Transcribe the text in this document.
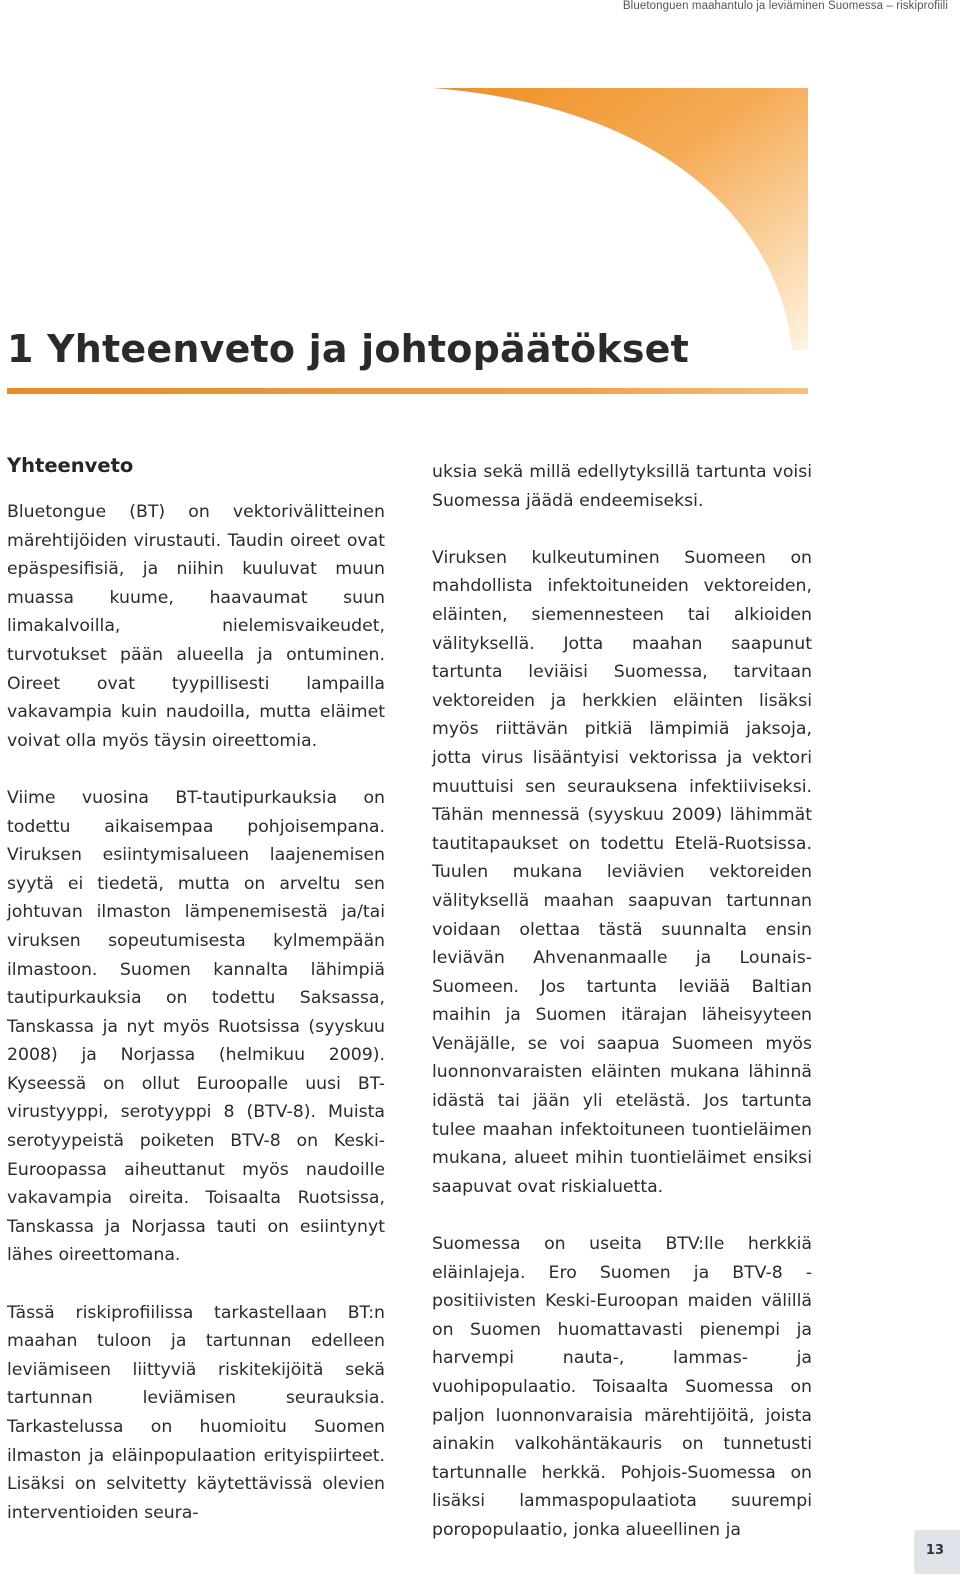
Bluetonguen maahantulo ja leviäminen Suomessa – riskiprofiili
1 Yhteenveto ja johtopäätökset
Yhteenveto

Bluetongue (BT) on vektorivälitteinen märehtijöiden virustauti. Taudin oireet ovat epäspesifisiä, ja niihin kuuluvat muun muassa kuume, haavaumat suun limakalvoilla, nielemisvaikeudet, turvotukset pään alueella ja ontuminen. Oireet ovat tyypillisesti lampailla vakavampia kuin naudoilla, mutta eläimet voivat olla myös täysin oireettomia.

Viime vuosina BT-tautipurkauksia on todettu aikaisempaa pohjoisempana. Viruksen esiintymisalueen laajenemisen syytä ei tiedetä, mutta on arveltu sen johtuvan ilmaston lämpenemisestä ja/tai viruksen sopeutumisesta kylmempään ilmastoon. Suomen kannalta lähimpiä tautipurkauksia on todettu Saksassa, Tanskassa ja nyt myös Ruotsissa (syyskuu 2008) ja Norjassa (helmikuu 2009). Kyseessä on ollut Euroopalle uusi BT-virustyyppi, serotyyppi 8 (BTV-8). Muista serotyypeistä poiketen BTV-8 on Keski-Euroopassa aiheuttanut myös naudoille vakavampia oireita. Toisaalta Ruotsissa, Tanskassa ja Norjassa tauti on esiintynyt lähes oireettomana.

Tässä riskiprofiilissa tarkastellaan BT:n maahan tuloon ja tartunnan edelleen leviämiseen liittyviä riskitekijöitä sekä tartunnan leviämisen seurauksia. Tarkastelussa on huomioitu Suomen ilmaston ja eläinpopulaation erityispiirteet. Lisäksi on selvitetty käytettävissä olevien interventioiden seura-

uksia sekä millä edellytyksillä tartunta voisi Suomessa jäädä endeemiseksi.

Viruksen kulkeutuminen Suomeen on mahdollista infektoituneiden vektoreiden, eläinten, siemennesteen tai alkioiden välityksellä. Jotta maahan saapunut tartunta leviäisi Suomessa, tarvitaan vektoreiden ja herkkien eläinten lisäksi myös riittävän pitkiä lämpimiä jaksoja, jotta virus lisääntyisi vektorissa ja vektori muuttuisi sen seurauksena infektiiviseksi. Tähän mennessä (syyskuu 2009) lähimmät tautitapaukset on todettu Etelä-Ruotsissa. Tuulen mukana leviävien vektoreiden välityksellä maahan saapuvan tartunnan voidaan olettaa tästä suunnalta ensin leviävän Ahvenanmaalle ja Lounais-Suomeen. Jos tartunta leviää Baltian maihin ja Suomen itärajan läheisyyteen Venäjälle, se voi saapua Suomeen myös luonnonvaraisten eläinten mukana lähinnä idästä tai jään yli etelästä. Jos tartunta tulee maahan infektoituneen tuontieläimen mukana, alueet mihin tuontieläimet ensiksi saapuvat ovat riskialuetta.

Suomessa on useita BTV:lle herkkiä eläinlajeja. Ero Suomen ja BTV-8 -positiivisten Keski-Euroopan maiden välillä on Suomen huomattavasti pienempi ja harvempi nauta-, lammas- ja vuohipopulaatio. Toisaalta Suomessa on paljon luonnonvaraisia märehtijöitä, joista ainakin valkohäntäkauris on tunnetusti tartunnalle herkkä. Pohjois-Suomessa on lisäksi lammaspopulaatiota suurempi poropopulaatio, jonka alueellinen ja

13
